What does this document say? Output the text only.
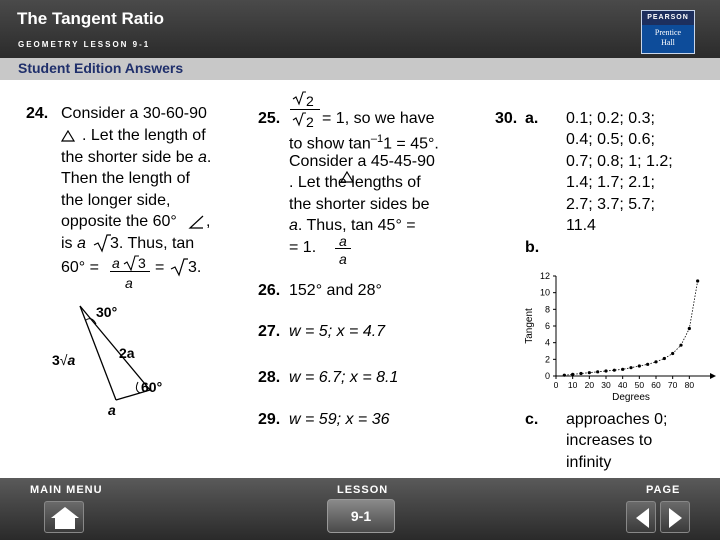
The Tangent Ratio
GEOMETRY LESSON 9-1
PEARSON
Prentice
Hall
Student Edition Answers
24. Consider a 30-60-90
. Let the length of
the shorter side be a.
Then the length of
the longer side,
opposite the 60° ,
is a 3. Thus, tan
60° = a 3
a
= 3.
30°
2a
60°
a
3√a
25.
2
2 = 1, so we have
to show $\tan^{-1}1 = 45^\circ$.
Consider a 45-45-90
. Let the lengths of
the shorter sides be
a. Thus, tan 45° =
a
a
= 1.
26. 152° and 28°
27. w = 5; x = 4.7
28. w = 6.7; x = 8.1
29. w = 59; x = 36
30. a. 0.1; 0.2; 0.3;
0.4; 0.5; 0.6;
0.7; 0.8; 1; 1.2;
1.4; 1.7; 2.1;
2.7; 3.7; 5.7;
11.4
b.
0
2
4
6
8
10
12
0 10 20 30 40 50 60 70 80
Degrees
Tangent
c. approaches 0;
increases to
infinity
MAIN MENU	LESSON	PAGE
9-1
